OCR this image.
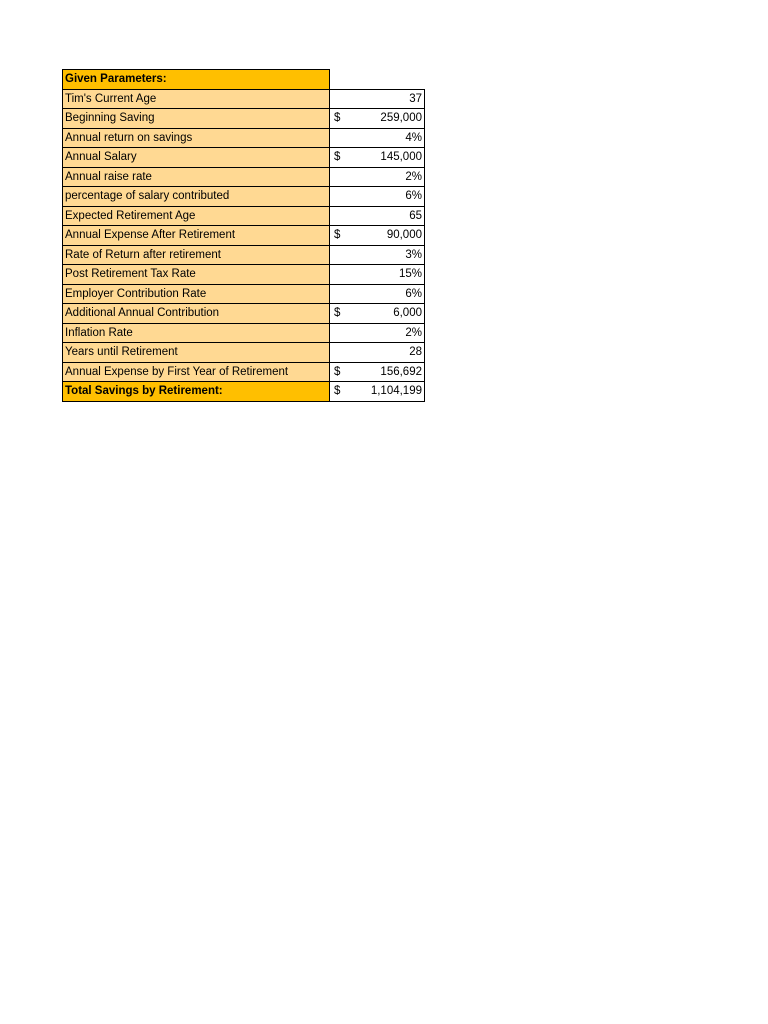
Given Parameters:		
Tim's Current Age		37
Beginning Saving	$	259,000
Annual return on savings		4%
Annual Salary	$	145,000
Annual raise rate		2%
percentage of salary contributed		6%
Expected Retirement Age		65
Annual Expense After Retirement	$	90,000
Rate of Return after retirement		3%
Post Retirement Tax Rate		15%
Employer Contribution Rate		6%
Additional Annual Contribution	$	6,000
Inflation Rate		2%
Years until Retirement		28
Annual Expense by First Year of Retirement	$	156,692
Total Savings by Retirement:	$	1,104,199
